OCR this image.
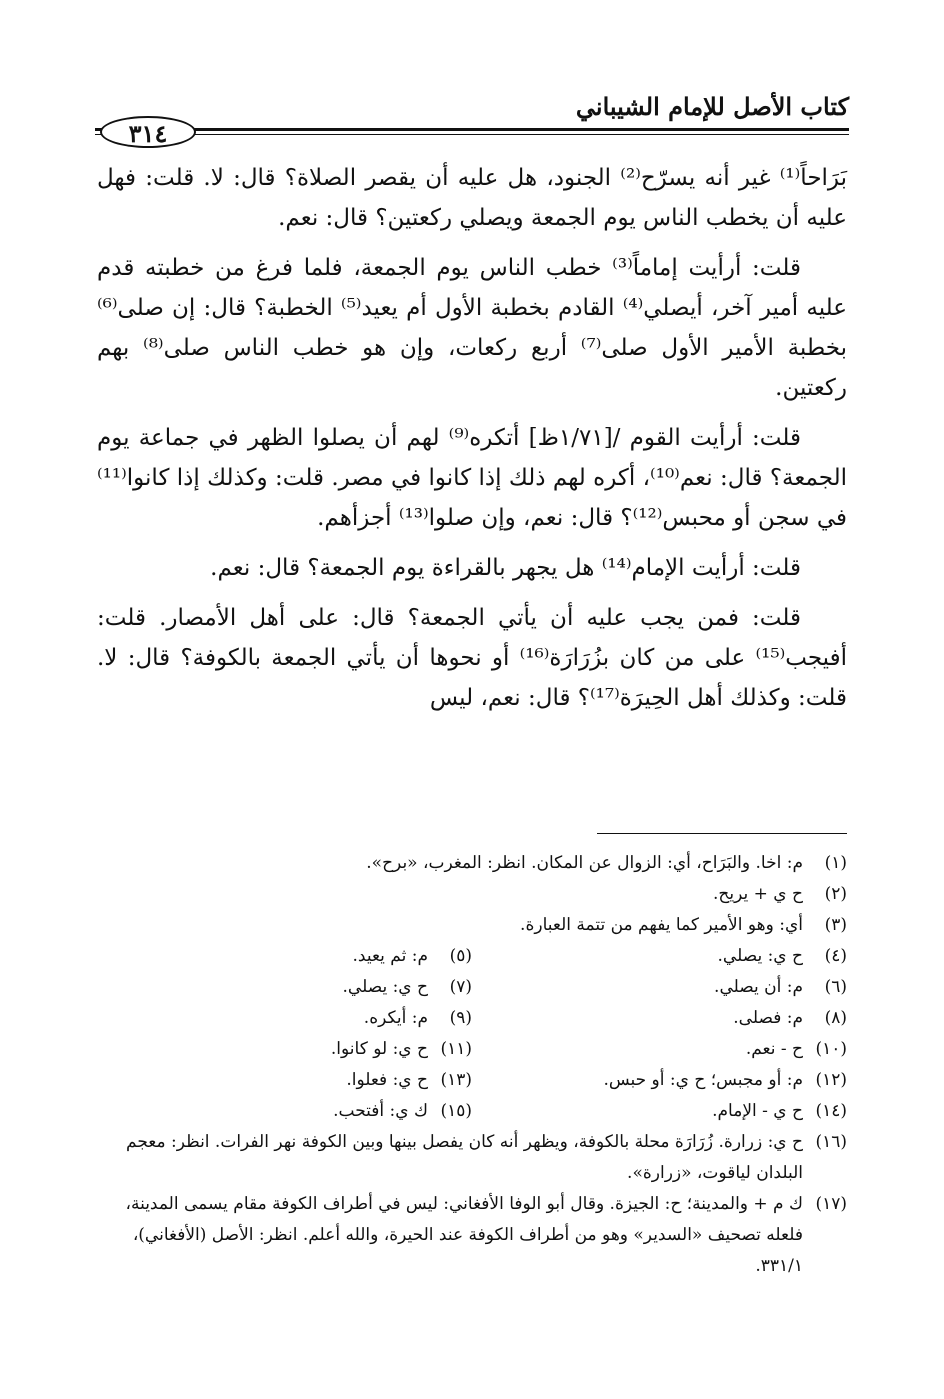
كتاب الأصل للإمام الشيباني
٣١٤

بَرَاحاً⁽¹⁾ غير أنه يسرّح⁽²⁾ الجنود، هل عليه أن يقصر الصلاة؟ قال: لا. قلت: فهل عليه أن يخطب الناس يوم الجمعة ويصلي ركعتين؟ قال: نعم.

قلت: أرأيت إماماً⁽³⁾ خطب الناس يوم الجمعة، فلما فرغ من خطبته قدم عليه أمير آخر، أيصلي⁽⁴⁾ القادم بخطبة الأول أم يعيد⁽⁵⁾ الخطبة؟ قال: إن صلى⁽⁶⁾ بخطبة الأمير الأول صلى⁽⁷⁾ أربع ركعات، وإن هو خطب الناس صلى⁽⁸⁾ بهم ركعتين.

قلت: أرأيت القوم /[١/٧١ظ] أتكره⁽⁹⁾ لهم أن يصلوا الظهر في جماعة يوم الجمعة؟ قال: نعم⁽¹⁰⁾، أكره لهم ذلك إذا كانوا في مصر. قلت: وكذلك إذا كانوا⁽¹¹⁾ في سجن أو محبس⁽¹²⁾؟ قال: نعم، وإن صلوا⁽¹³⁾ أجزأهم.

قلت: أرأيت الإمام⁽¹⁴⁾ هل يجهر بالقراءة يوم الجمعة؟ قال: نعم.

قلت: فمن يجب عليه أن يأتي الجمعة؟ قال: على أهل الأمصار. قلت: أفيجب⁽¹⁵⁾ على من كان بزُرَارَة⁽¹⁶⁾ أو نحوها أن يأتي الجمعة بالكوفة؟ قال: لا. قلت: وكذلك أهل الحِيرَة⁽¹⁷⁾؟ قال: نعم، ليس

(١)
م: اخا. والبَرَاح، أي: الزوال عن المكان. انظر: المغرب، «برح».
(٢)
ح ي + يريح.
(٣)
أي: وهو الأمير كما يفهم من تتمة العبارة.
(٤)
ح ي: يصلي.
(٥)
م: ثم يعيد.
(٦)
م: أن يصلي.
(٧)
ح ي: يصلي.
(٨)
م: فصلى.
(٩)
م: أيكره.
(١٠)
ح - نعم.
(١١)
ح ي: لو كانوا.
(١٢)
م: أو مجبس؛ ح ي: أو حبس.
(١٣)
ح ي: فعلوا.
(١٤)
ح ي - الإمام.
(١٥)
ك ي: أفتحب.
(١٦)
ح ي: زرارة. زُرَارَة محلة بالكوفة، ويظهر أنه كان يفصل بينها وبين الكوفة نهر الفرات. انظر: معجم البلدان لياقوت، «زرارة».
(١٧)
ك م + والمدينة؛ ح: الجيزة. وقال أبو الوفا الأفغاني: ليس في أطراف الكوفة مقام يسمى المدينة، فلعله تصحيف «السدير» وهو من أطراف الكوفة عند الحيرة، والله أعلم. انظر: الأصل (الأفغاني)، ٣٣١/١.
